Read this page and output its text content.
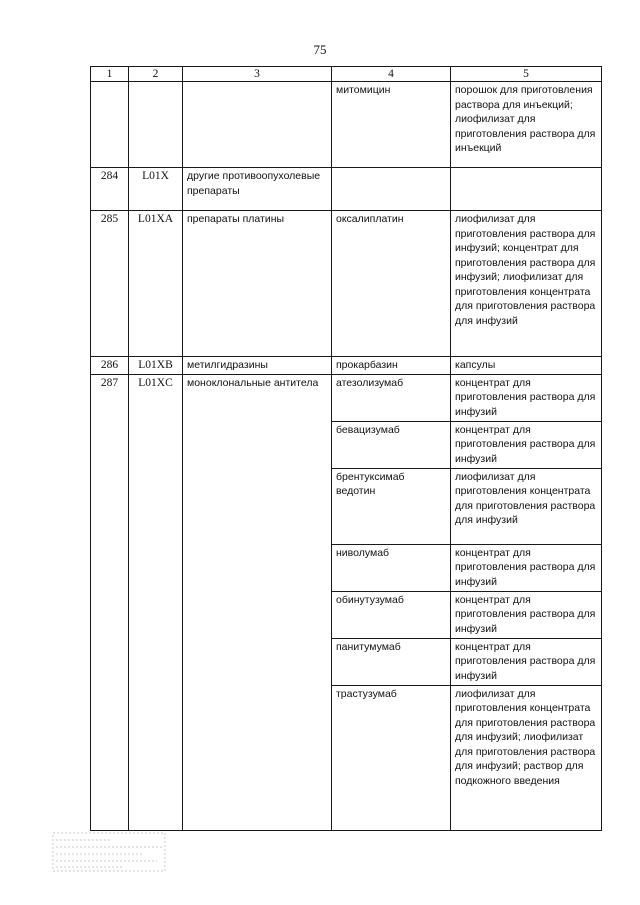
75
1	2	3	4	5
			митомицин	порошок для приготовления раствора для инъекций; лиофилизат для приготовления раствора для инъекций
284	L01X	другие противоопухолевые препараты		
285	L01XA	препараты платины	оксалиплатин	лиофилизат для приготовления раствора для инфузий; концентрат для приготовления раствора для инфузий; лиофилизат для приготовления концентрата для приготовления раствора для инфузий
286	L01XB	метилгидразины	прокарбазин	капсулы
287	L01XC	моноклональные антитела	атезолизумаб	концентрат для приготовления раствора для инфузий
			бевацизумаб	концентрат для приготовления раствора для инфузий
			брентуксимаб ведотин	лиофилизат для приготовления концентрата для приготовления раствора для инфузий
			ниволумаб	концентрат для приготовления раствора для инфузий
			обинутузумаб	концентрат для приготовления раствора для инфузий
			панитумумаб	концентрат для приготовления раствора для инфузий
			трастузумаб	лиофилизат для приготовления концентрата для приготовления раствора для инфузий; лиофилизат для приготовления раствора для инфузий; раствор для подкожного введения
